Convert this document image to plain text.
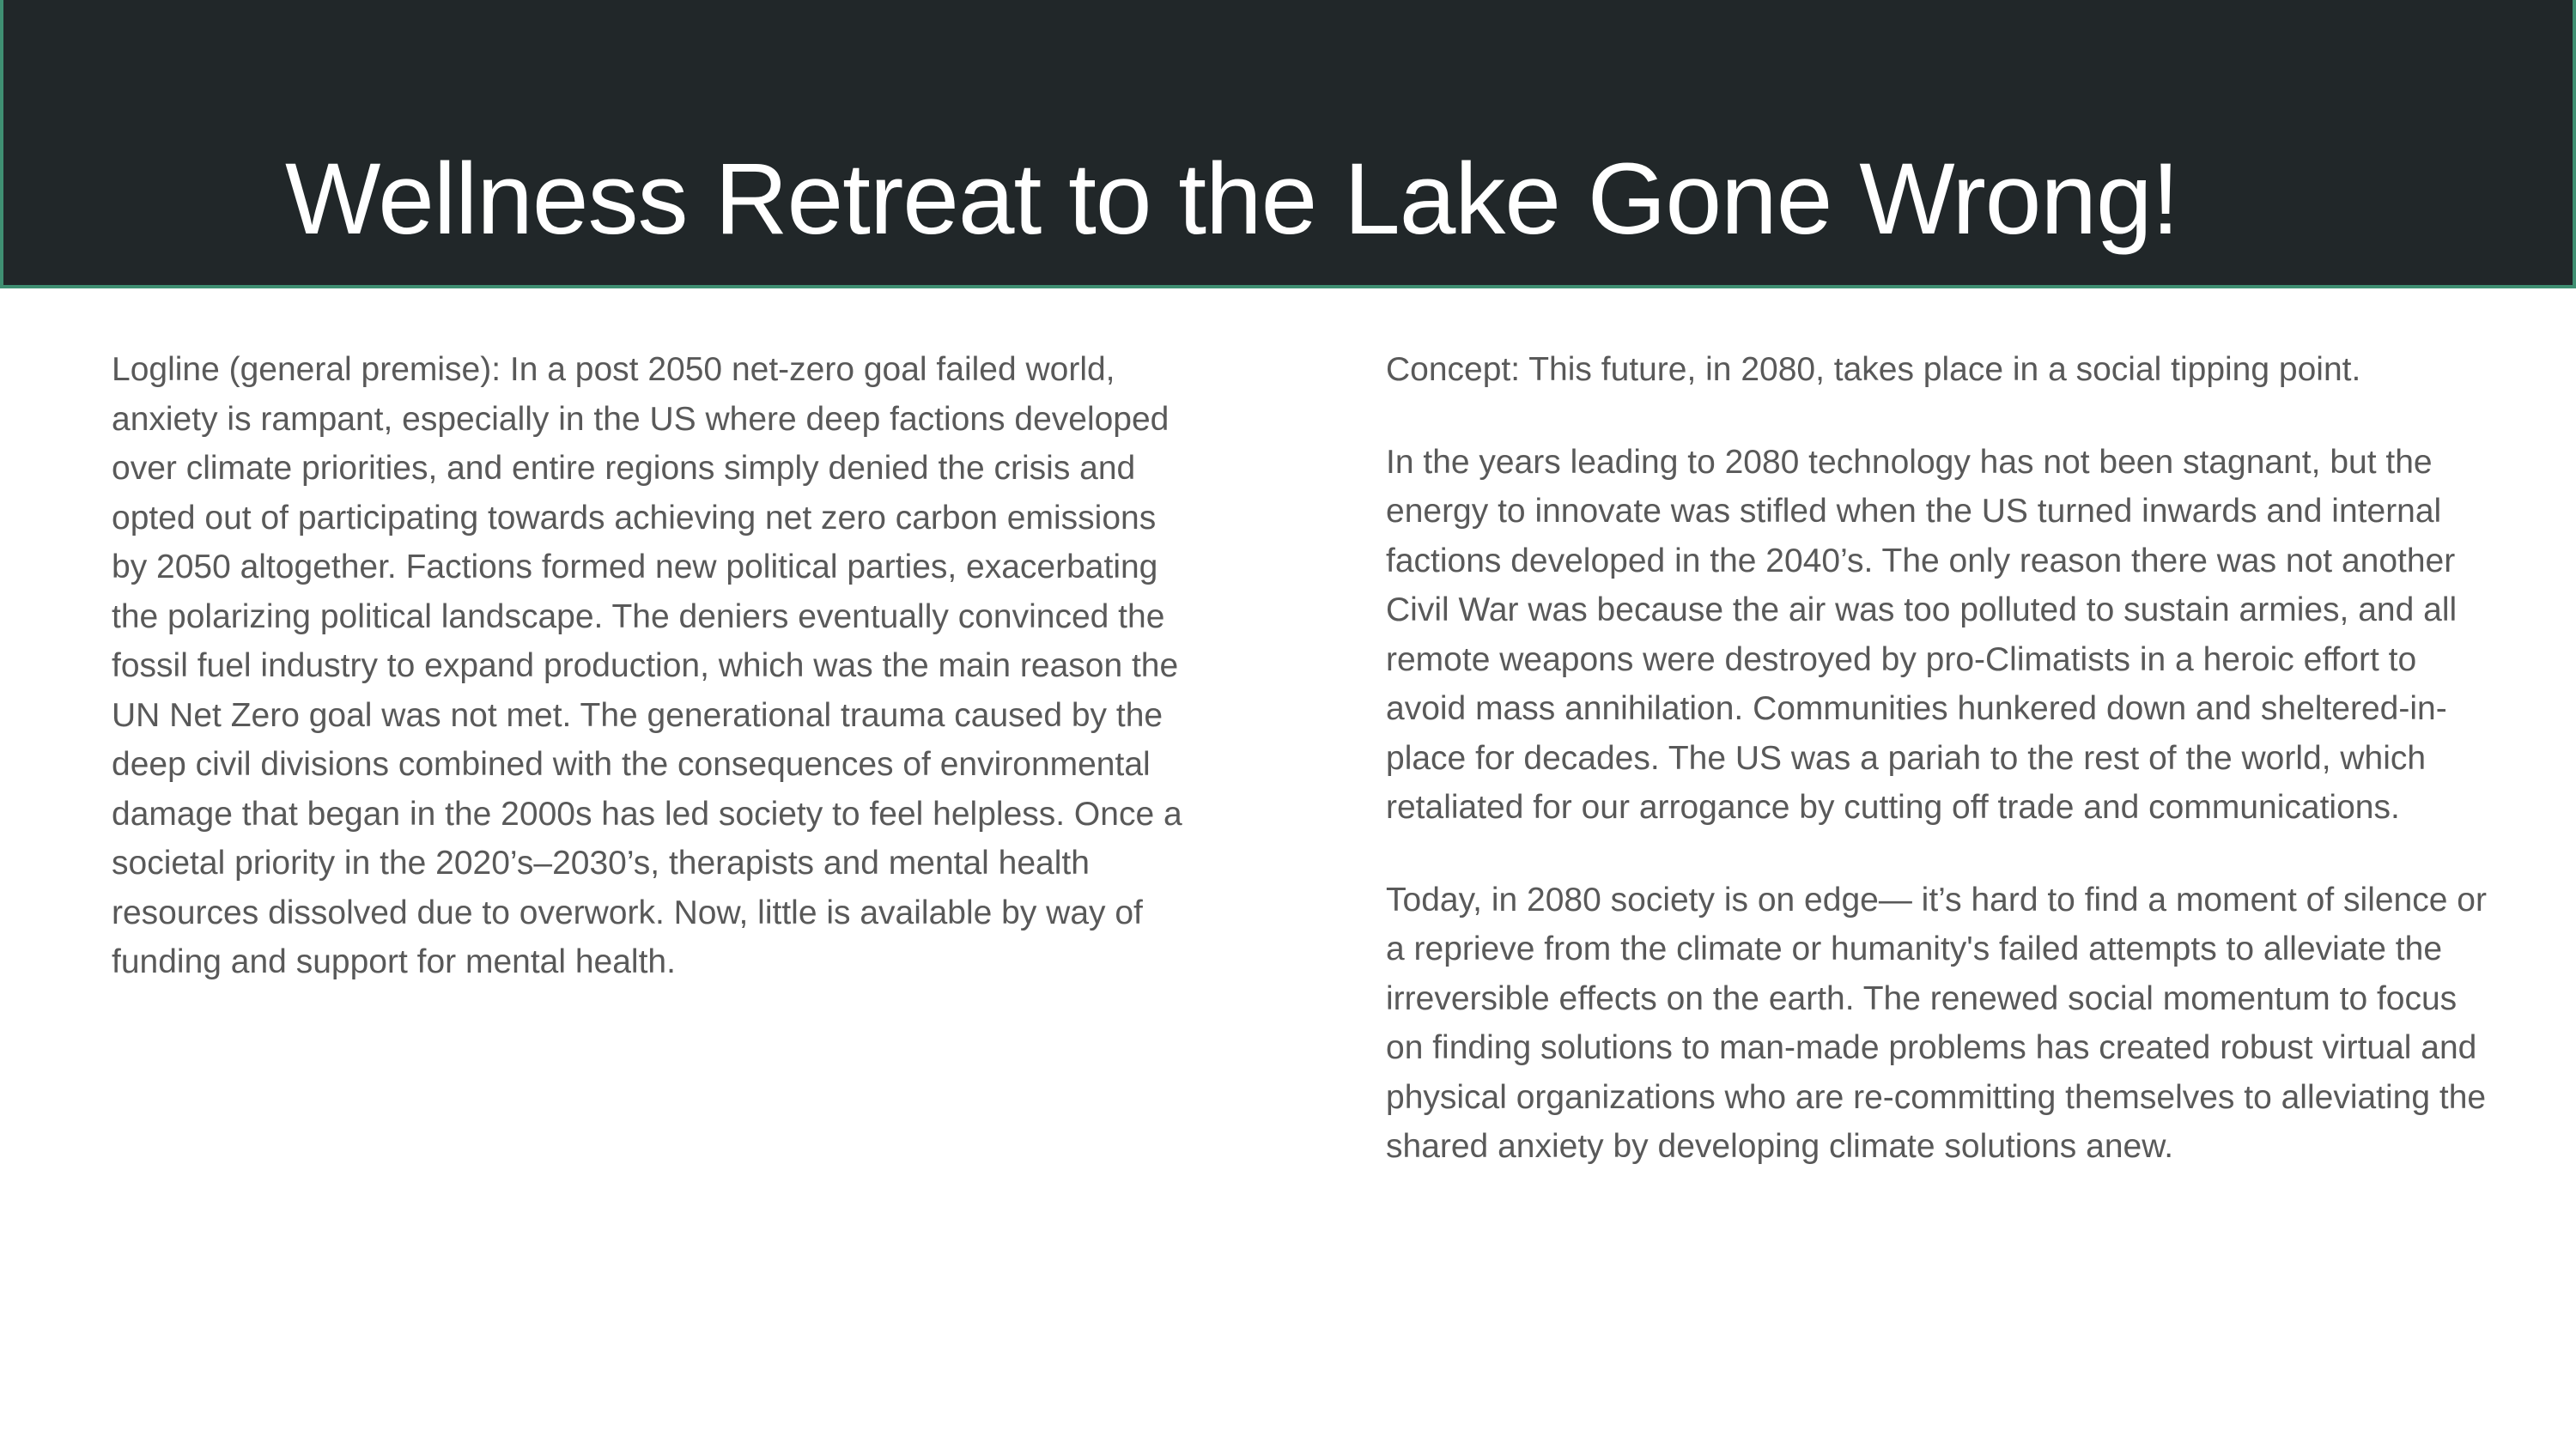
Wellness Retreat to the Lake Gone Wrong!

Logline (general premise): In a post 2050 net-zero goal failed world, anxiety is rampant, especially in the US where deep factions developed over climate priorities, and entire regions simply denied the crisis and opted out of participating towards achieving net zero carbon emissions by 2050 altogether. Factions formed new political parties, exacerbating the polarizing political landscape. The deniers eventually convinced the fossil fuel industry to expand production, which was the main reason the UN Net Zero goal was not met. The generational trauma caused by the deep civil divisions combined with the consequences of environmental damage that began in the 2000s has led society to feel helpless. Once a societal priority in the 2020’s–2030’s, therapists and mental health resources dissolved due to overwork. Now, little is available by way of funding and support for mental health.

Concept: This future, in 2080, takes place in a social tipping point.

In the years leading to 2080 technology has not been stagnant, but the energy to innovate was stifled when the US turned inwards and internal factions developed in the 2040’s. The only reason there was not another Civil War was because the air was too polluted to sustain armies, and all remote weapons were destroyed by pro-Climatists in a heroic effort to avoid mass annihilation. Communities hunkered down and sheltered-in-place for decades. The US was a pariah to the rest of the world, which retaliated for our arrogance by cutting off trade and communications.

Today, in 2080 society is on edge— it’s hard to find a moment of silence or a reprieve from the climate or humanity's failed attempts to alleviate the irreversible effects on the earth. The renewed social momentum to focus on finding solutions to man-made problems has created robust virtual and physical organizations who are re-committing themselves to alleviating the shared anxiety by developing climate solutions anew.
